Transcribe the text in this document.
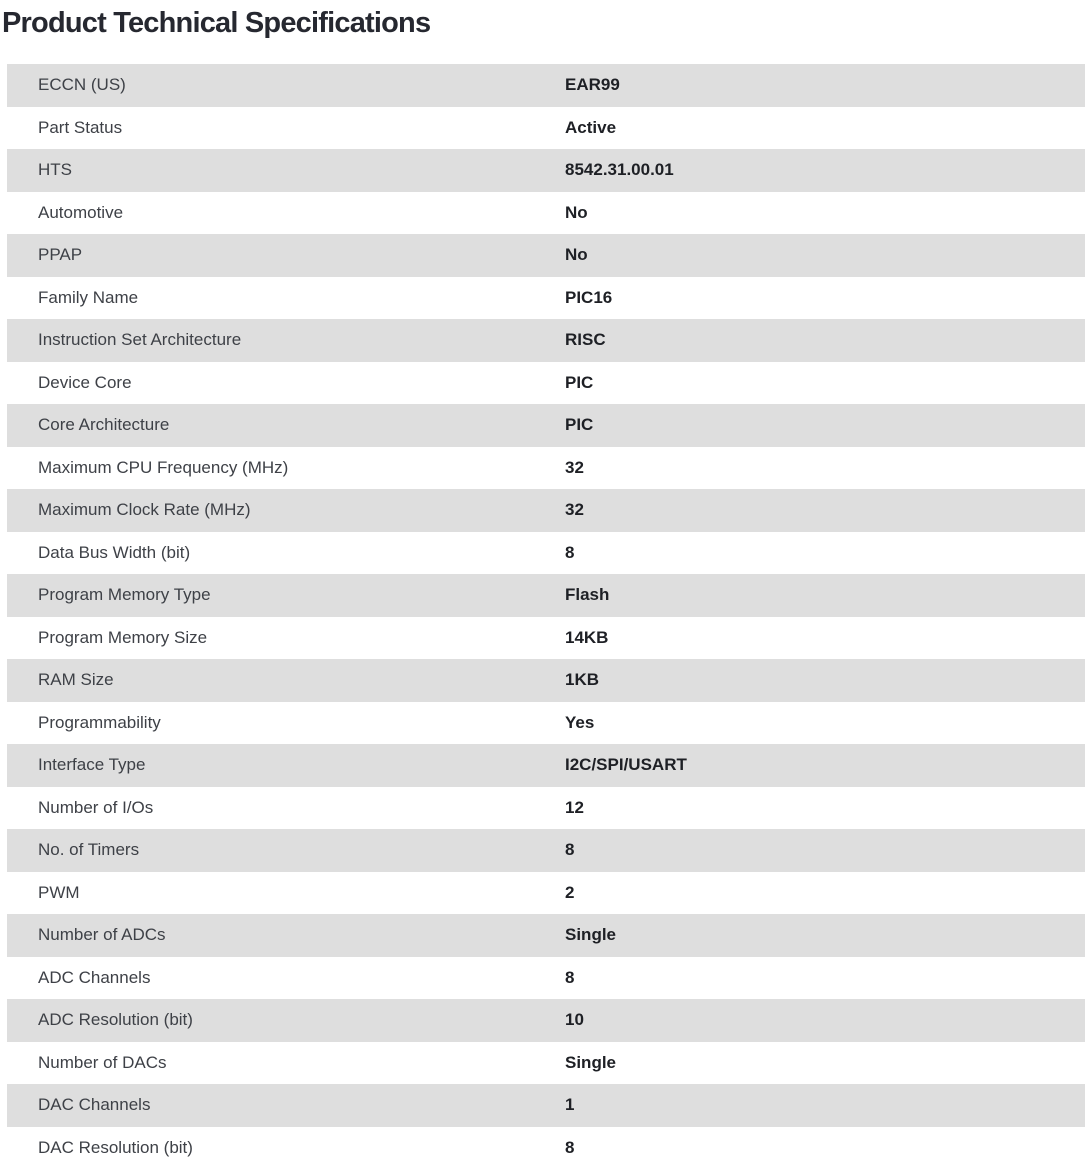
Product Technical Specifications
ECCN (US)	EAR99
Part Status	Active
HTS	8542.31.00.01
Automotive	No
PPAP	No
Family Name	PIC16
Instruction Set Architecture	RISC
Device Core	PIC
Core Architecture	PIC
Maximum CPU Frequency (MHz)	32
Maximum Clock Rate (MHz)	32
Data Bus Width (bit)	8
Program Memory Type	Flash
Program Memory Size	14KB
RAM Size	1KB
Programmability	Yes
Interface Type	I2C/SPI/USART
Number of I/Os	12
No. of Timers	8
PWM	2
Number of ADCs	Single
ADC Channels	8
ADC Resolution (bit)	10
Number of DACs	Single
DAC Channels	1
DAC Resolution (bit)	8
